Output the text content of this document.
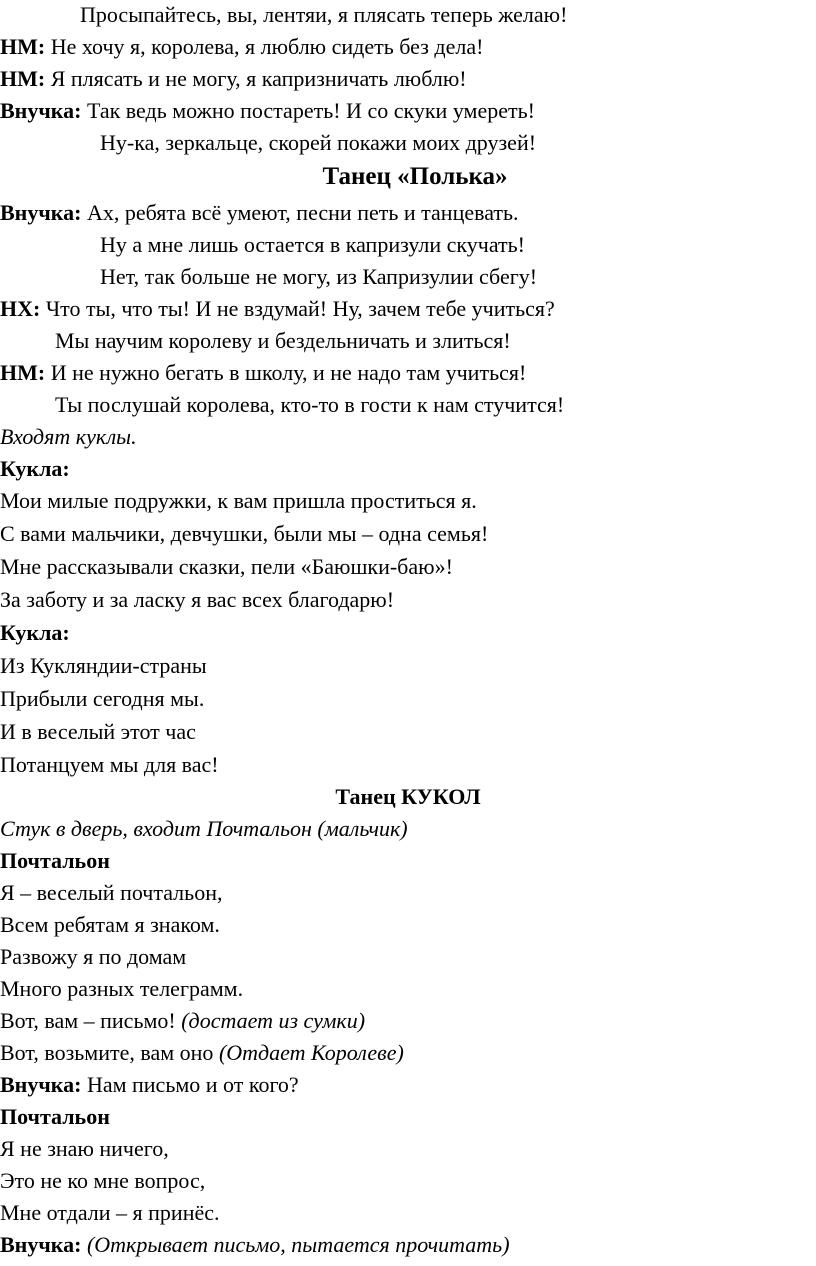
Просыпайтесь, вы, лентяи, я плясать теперь желаю!
НМ: Не хочу я, королева, я люблю сидеть без дела!
НМ: Я плясать и не могу, я капризничать люблю!
Внучка: Так ведь можно постареть! И со скуки умереть!
Ну-ка, зеркальце, скорей покажи моих друзей!
Танец «Полька»
Внучка: Ах, ребята всё умеют, песни петь и танцевать.
Ну а мне лишь остается в капризули скучать!
Нет, так больше не могу, из Капризулии сбегу!
НХ: Что ты, что ты! И не вздумай! Ну, зачем тебе учиться?
Мы научим королеву и бездельничать и злиться!
НМ: И не нужно бегать в школу, и не надо там учиться!
Ты послушай королева, кто-то в гости к нам стучится!
Входят куклы.
Кукла:
Мои милые подружки, к вам пришла проститься я.
С вами мальчики, девчушки, были мы – одна семья!
Мне рассказывали сказки, пели «Баюшки-баю»!
За заботу и за ласку я вас всех благодарю!
Кукла:
Из Кукляндии-страны
Прибыли сегодня мы.
И в веселый этот час
Потанцуем мы для вас!
Танец КУКОЛ
Стук в дверь, входит Почтальон (мальчик)
Почтальон
Я – веселый почтальон,
Всем ребятам я знаком.
Развожу я по домам
Много разных телеграмм.
Вот, вам – письмо! (достает из сумки)
Вот, возьмите, вам оно (Отдает Королеве)
Внучка: Нам письмо и от кого?
Почтальон
Я не знаю ничего,
Это не ко мне вопрос,
Мне отдали – я принёс.
Внучка: (Открывает письмо, пытается прочитать)
